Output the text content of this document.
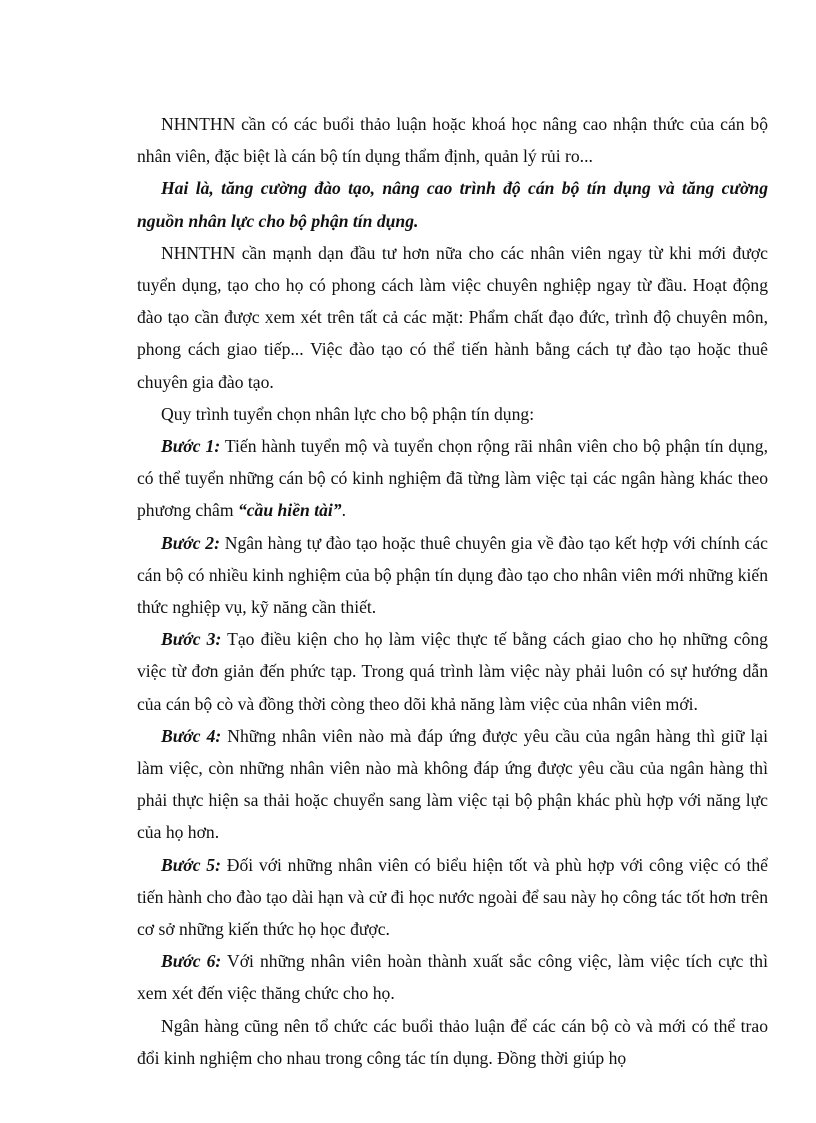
NHNTHN cần có các buổi thảo luận hoặc khoá học nâng cao nhận thức của cán bộ nhân viên, đặc biệt là cán bộ tín dụng thẩm định, quản lý rủi ro...

Hai là, tăng cường đào tạo, nâng cao trình độ cán bộ tín dụng và tăng cường nguồn nhân lực cho bộ phận tín dụng.

NHNTHN cần mạnh dạn đầu tư hơn nữa cho các nhân viên ngay từ khi mới được tuyển dụng, tạo cho họ có phong cách làm việc chuyên nghiệp ngay từ đầu. Hoạt động đào tạo cần được xem xét trên tất cả các mặt: Phẩm chất đạo đức, trình độ chuyên môn, phong cách giao tiếp... Việc đào tạo có thể tiến hành bằng cách tự đào tạo hoặc thuê chuyên gia đào tạo.

Quy trình tuyển chọn nhân lực cho bộ phận tín dụng:

Bước 1: Tiến hành tuyển mộ và tuyển chọn rộng rãi nhân viên cho bộ phận tín dụng, có thể tuyển những cán bộ có kinh nghiệm đã từng làm việc tại các ngân hàng khác theo phương châm “cầu hiền tài”.

Bước 2: Ngân hàng tự đào tạo hoặc thuê chuyên gia về đào tạo kết hợp với chính các cán bộ có nhiều kinh nghiệm của bộ phận tín dụng đào tạo cho nhân viên mới những kiến thức nghiệp vụ, kỹ năng cần thiết.

Bước 3: Tạo điều kiện cho họ làm việc thực tế bằng cách giao cho họ những công việc từ đơn giản đến phức tạp. Trong quá trình làm việc này phải luôn có sự hướng dẫn của cán bộ cò và đồng thời còng theo dõi khả năng làm việc của nhân viên mới.

Bước 4: Những nhân viên nào mà đáp ứng được yêu cầu của ngân hàng thì giữ lại làm việc, còn những nhân viên nào mà không đáp ứng được yêu cầu của ngân hàng thì phải thực hiện sa thải hoặc chuyển sang làm việc tại bộ phận khác phù hợp với năng lực của họ hơn.

Bước 5: Đối với những nhân viên có biểu hiện tốt và phù hợp với công việc có thể tiến hành cho đào tạo dài hạn và cử đi học nước ngoài để sau này họ công tác tốt hơn trên cơ sở những kiến thức họ học được.

Bước 6: Với những nhân viên hoàn thành xuất sắc công việc, làm việc tích cực thì xem xét đến việc thăng chức cho họ.

Ngân hàng cũng nên tổ chức các buổi thảo luận để các cán bộ cò và mới có thể trao đổi kinh nghiệm cho nhau trong công tác tín dụng. Đồng thời giúp họ
